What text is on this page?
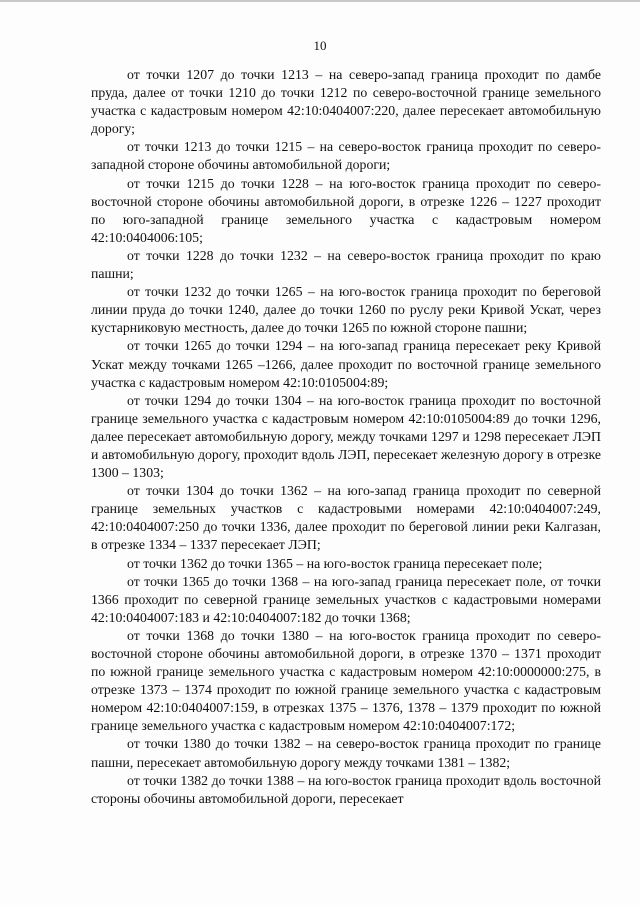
10

от точки 1207 до точки 1213 – на северо-запад граница проходит по дамбе пруда, далее от точки 1210 до точки 1212 по северо-восточной границе земельного участка с кадастровым номером 42:10:0404007:220, далее пересекает автомобильную дорогу;

от точки 1213 до точки 1215 – на северо-восток граница проходит по северо-западной стороне обочины автомобильной дороги;

от точки 1215 до точки 1228 – на юго-восток граница проходит по северо-восточной стороне обочины автомобильной дороги, в отрезке 1226 – 1227 проходит по юго-западной границе земельного участка с кадастровым номером 42:10:0404006:105;

от точки 1228 до точки 1232 – на северо-восток граница проходит по краю пашни;

от точки 1232 до точки 1265 – на юго-восток граница проходит по береговой линии пруда до точки 1240, далее до точки 1260 по руслу реки Кривой Ускат, через кустарниковую местность, далее до точки 1265 по южной стороне пашни;

от точки 1265 до точки 1294 – на юго-запад граница пересекает реку Кривой Ускат между точками 1265 –1266, далее проходит по восточной границе земельного участка с кадастровым номером 42:10:0105004:89;

от точки 1294 до точки 1304 – на юго-восток граница проходит по восточной границе земельного участка с кадастровым номером 42:10:0105004:89 до точки 1296, далее пересекает автомобильную дорогу, между точками 1297 и 1298 пересекает ЛЭП и автомобильную дорогу, проходит вдоль ЛЭП, пересекает железную дорогу в отрезке 1300 – 1303;

от точки 1304 до точки 1362 – на юго-запад граница проходит по северной границе земельных участков с кадастровыми номерами 42:10:0404007:249, 42:10:0404007:250 до точки 1336, далее проходит по береговой линии реки Калгазан, в отрезке 1334 – 1337 пересекает ЛЭП;

от точки 1362 до точки 1365 – на юго-восток граница пересекает поле;

от точки 1365 до точки 1368 – на юго-запад граница пересекает поле, от точки 1366 проходит по северной границе земельных участков с кадастровыми номерами 42:10:0404007:183 и 42:10:0404007:182 до точки 1368;

от точки 1368 до точки 1380 – на юго-восток граница проходит по северо-восточной стороне обочины автомобильной дороги, в отрезке 1370 – 1371 проходит по южной границе земельного участка с кадастровым номером 42:10:0000000:275, в отрезке 1373 – 1374 проходит по южной границе земельного участка с кадастровым номером 42:10:0404007:159, в отрезках 1375 – 1376, 1378 – 1379 проходит по южной границе земельного участка с кадастровым номером 42:10:0404007:172;

от точки 1380 до точки 1382 – на северо-восток граница проходит по границе пашни, пересекает автомобильную дорогу между точками 1381 – 1382;

от точки 1382 до точки 1388 – на юго-восток граница проходит вдоль восточной стороны обочины автомобильной дороги, пересекает
